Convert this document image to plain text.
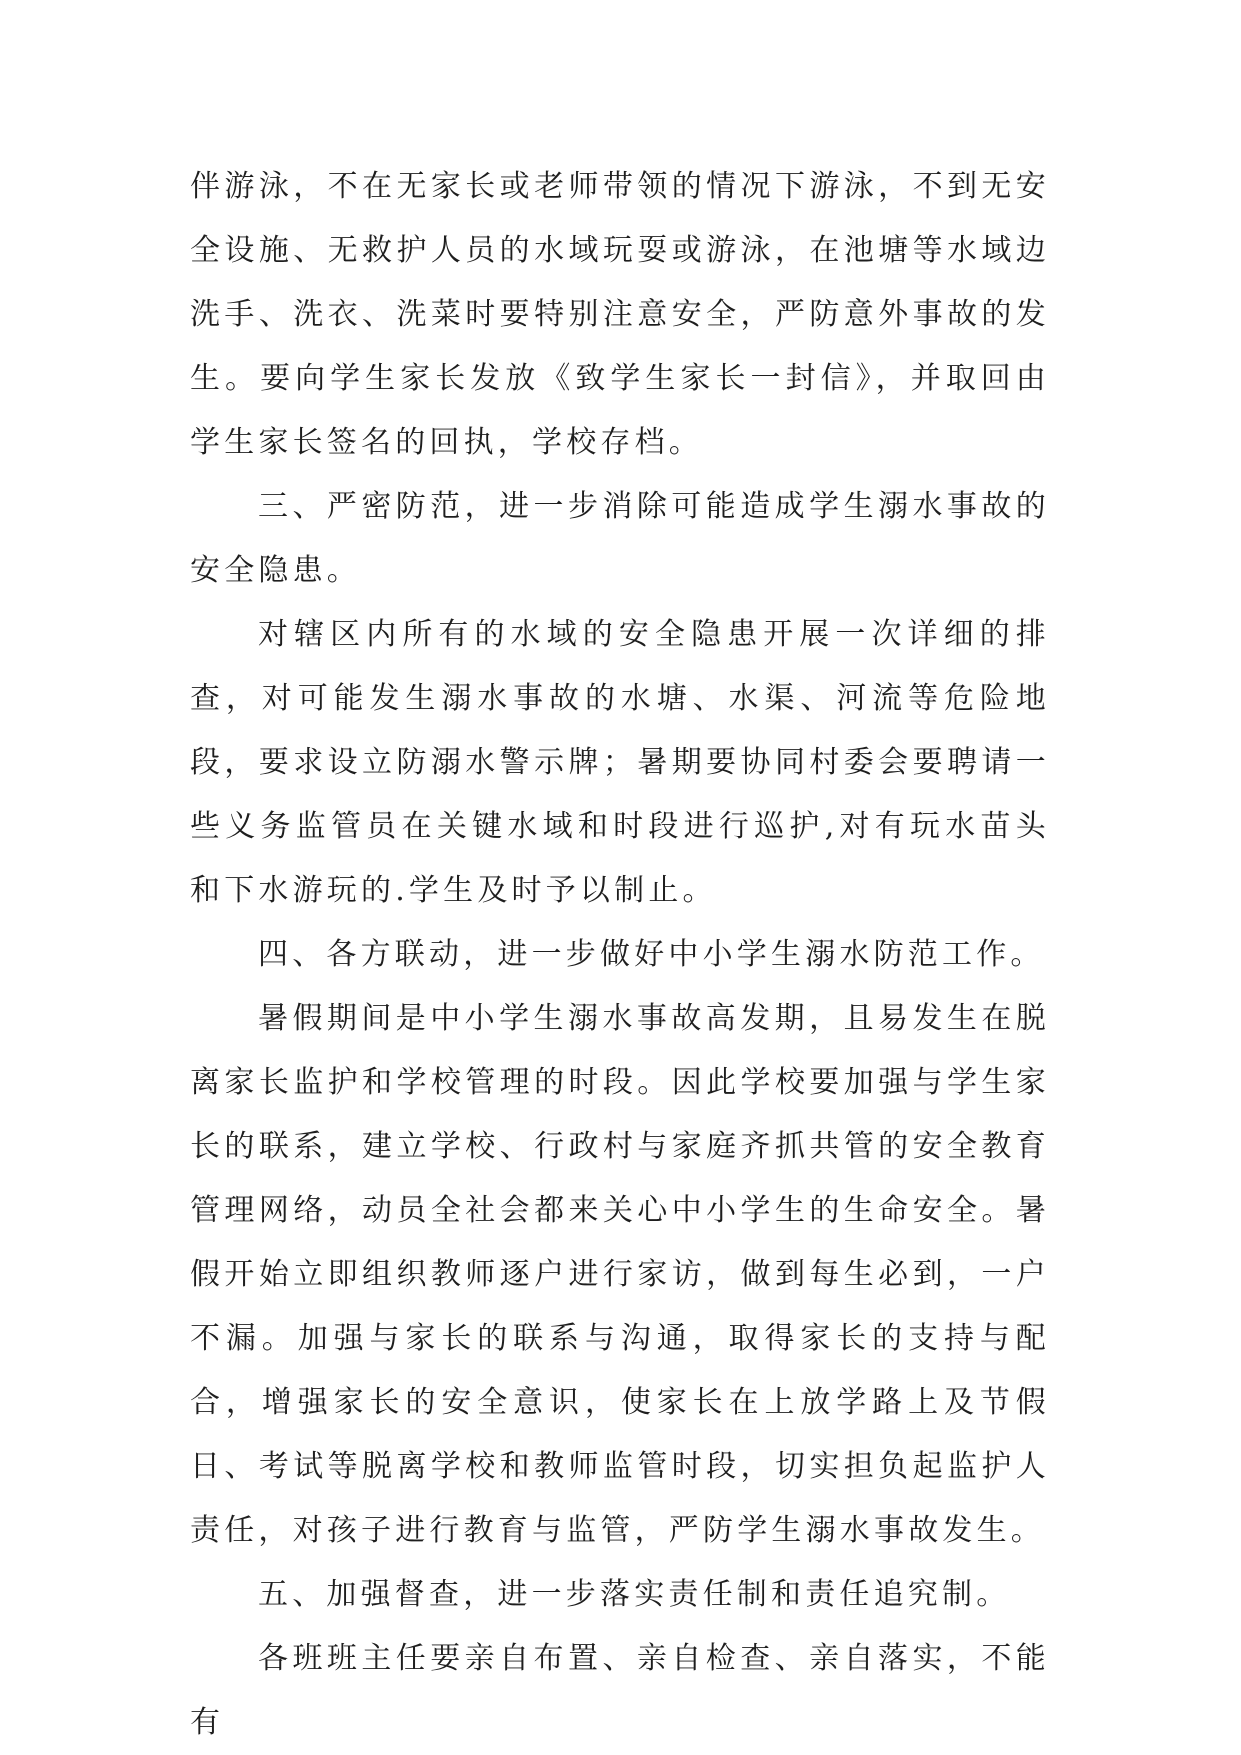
伴游泳，不在无家长或老师带领的情况下游泳，不到无安全设施、无救护人员的水域玩耍或游泳，在池塘等水域边洗手、洗衣、洗菜时要特别注意安全，严防意外事故的发生。要向学生家长发放《致学生家长一封信》，并取回由学生家长签名的回执，学校存档。

三、严密防范，进一步消除可能造成学生溺水事故的安全隐患。

对辖区内所有的水域的安全隐患开展一次详细的排查，对可能发生溺水事故的水塘、水渠、河流等危险地段，要求设立防溺水警示牌；暑期要协同村委会要聘请一些义务监管员在关键水域和时段进行巡护,对有玩水苗头和下水游玩的.学生及时予以制止。

四、各方联动，进一步做好中小学生溺水防范工作。

暑假期间是中小学生溺水事故高发期，且易发生在脱离家长监护和学校管理的时段。因此学校要加强与学生家长的联系，建立学校、行政村与家庭齐抓共管的安全教育管理网络，动员全社会都来关心中小学生的生命安全。暑假开始立即组织教师逐户进行家访，做到每生必到，一户不漏。加强与家长的联系与沟通，取得家长的支持与配合，增强家长的安全意识，使家长在上放学路上及节假日、考试等脱离学校和教师监管时段，切实担负起监护人责任，对孩子进行教育与监管，严防学生溺水事故发生。

五、加强督查，进一步落实责任制和责任追究制。

各班班主任要亲自布置、亲自检查、亲自落实，不能有
